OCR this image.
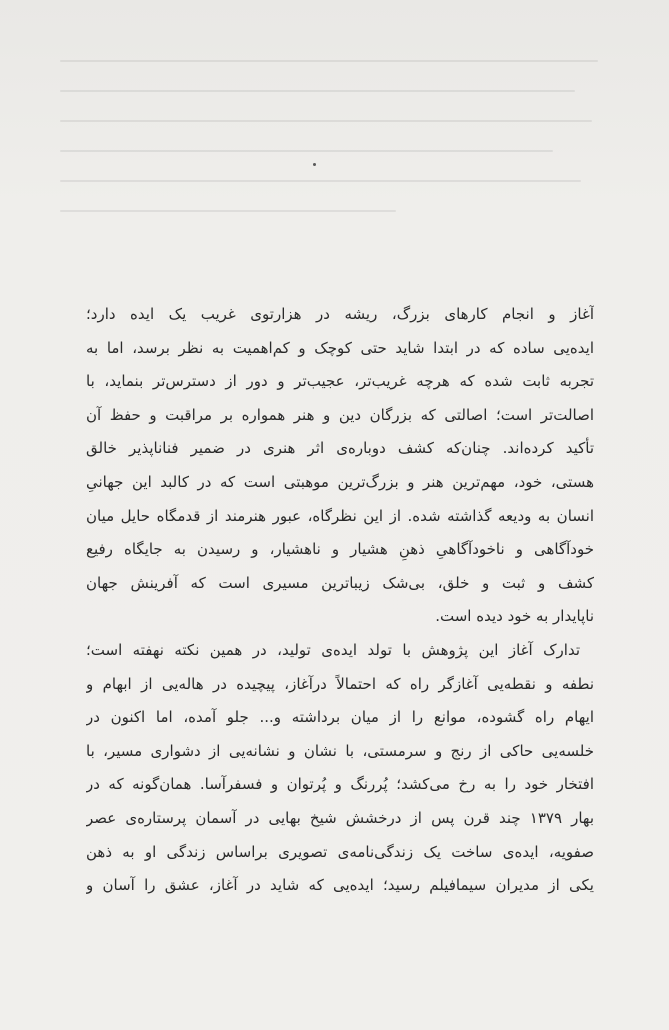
آغاز و انجام کارهای بزرگ، ریشه در هزارتوی غریب یک ایده دارد؛
ایده‌یی ساده که در ابتدا شاید حتی کوچک و کم‌اهمیت به نظر برسد، اما به
تجربه ثابت شده که هرچه غریب‌تر، عجیب‌تر و دور از دسترس‌تر بنماید، با
اصالت‌تر است؛ اصالتی که بزرگان دین و هنر همواره بر مراقبت و حفظ آن
تأکید کرده‌اند. چنان‌که کشف دوباره‌ی اثر هنری در ضمیر فناناپذیر خالق
هستی، خود، مهم‌ترین هنر و بزرگ‌ترین موهبتی است که در کالبد این جهانیِ
انسان به ودیعه گذاشته شده. از این نظرگاه، عبور هنرمند از قدمگاه حایل میان
خودآگاهی و ناخودآگاهیِ ذهنِ هشیار و ناهشیار، و رسیدن به جایگاه رفیع
کشف و ثبت و خلق، بی‌شک زیباترین مسیری است که آفرینش جهان
ناپایدار به خود دیده است.
تدارک آغاز این پژوهش با تولد ایده‌ی تولید، در همین نکته نهفته است؛
نطفه و نقطه‌یی آغازگر راه که احتمالاً درآغاز، پیچیده در هاله‌یی از ابهام و
ایهام راه گشوده، موانع را از میان برداشته و... جلو آمده، اما اکنون در
خلسه‌یی حاکی از رنج و سرمستی، با نشان و نشانه‌یی از دشواری مسیر، با
افتخار خود را به رخ می‌کشد؛ پُررنگ و پُرتوان و فسفرآسا. همان‌گونه که در
بهار ۱۳۷۹ چند قرن پس از درخشش شیخ بهایی در آسمان پرستاره‌ی عصر
صفویه، ایده‌ی ساخت یک زندگی‌نامه‌ی تصویری براساس زندگی او به ذهن
یکی از مدیران سیمافیلم رسید؛ ایده‌یی که شاید در آغاز، عشق را آسان و
